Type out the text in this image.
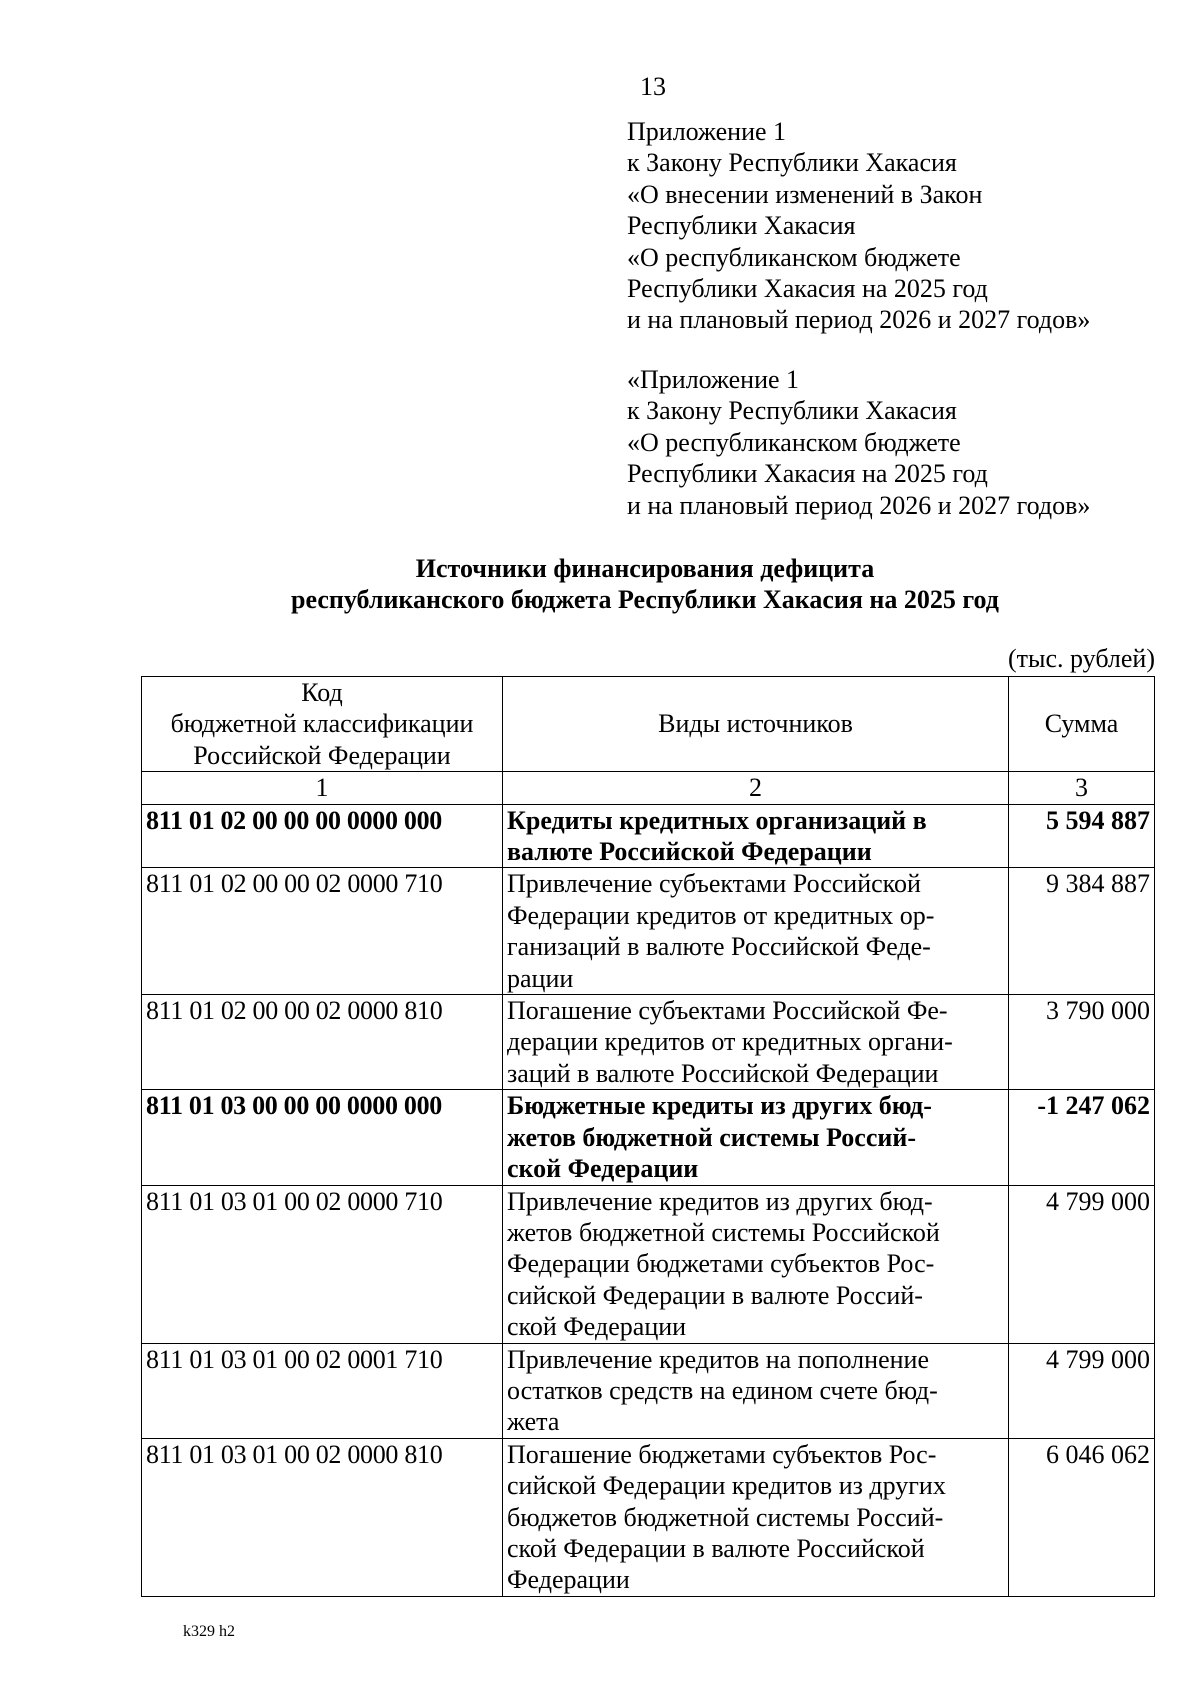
13
Приложение 1
к Закону Республики Хакасия
«О внесении изменений в Закон
Республики Хакасия
«О республиканском бюджете
Республики Хакасия на 2025 год
и на плановый период 2026 и 2027 годов»
«Приложение 1
к Закону Республики Хакасия
«О республиканском бюджете
Республики Хакасия на 2025 год
и на плановый период 2026 и 2027 годов»
Источники финансирования дефицита
республиканского бюджета Республики Хакасия на 2025 год
(тыс. рублей)
Код
бюджетной классификации
Российской Федерации	Виды источников	Сумма
1	2	3
811 01 02 00 00 00 0000 000	Кредиты кредитных организаций в
валюте Российской Федерации	5 594 887
811 01 02 00 00 02 0000 710	Привлечение субъектами Российской
Федерации кредитов от кредитных ор-
ганизаций в валюте Российской Феде-
рации	9 384 887
811 01 02 00 00 02 0000 810	Погашение субъектами Российской Фе-
дерации кредитов от кредитных органи-
заций в валюте Российской Федерации	3 790 000
811 01 03 00 00 00 0000 000	Бюджетные кредиты из других бюд-
жетов бюджетной системы Россий-
ской Федерации	-1 247 062
811 01 03 01 00 02 0000 710	Привлечение кредитов из других бюд-
жетов бюджетной системы Российской
Федерации бюджетами субъектов Рос-
сийской Федерации в валюте Россий-
ской Федерации	4 799 000
811 01 03 01 00 02 0001 710	Привлечение кредитов на пополнение
остатков средств на едином счете бюд-
жета	4 799 000
811 01 03 01 00 02 0000 810	Погашение бюджетами субъектов Рос-
сийской Федерации кредитов из других
бюджетов бюджетной системы Россий-
ской Федерации в валюте Российской
Федерации	6 046 062
k329 h2
